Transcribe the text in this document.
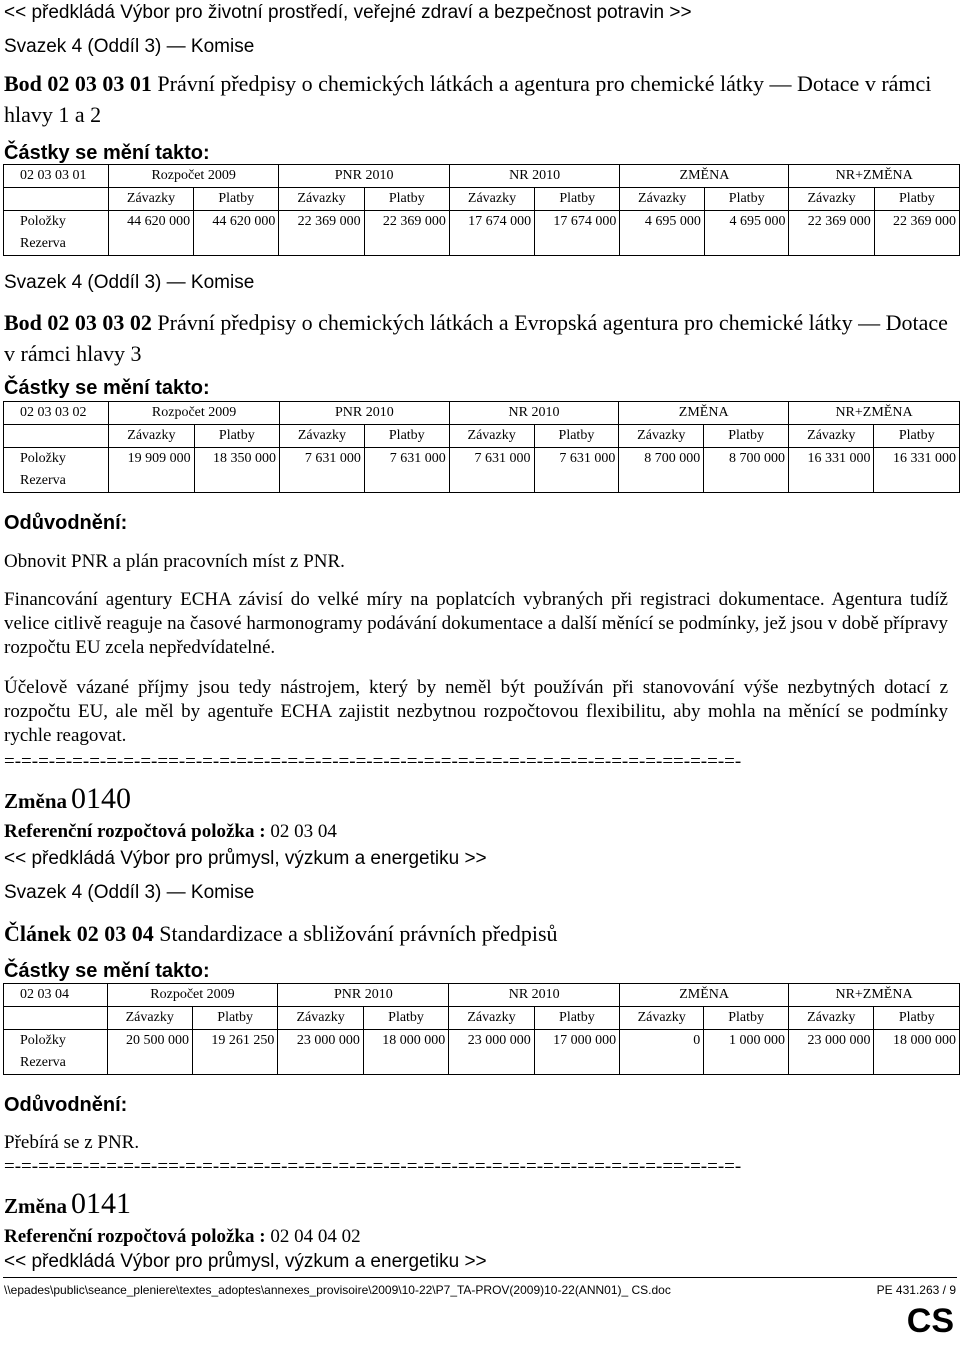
<< předkládá Výbor pro životní prostředí, veřejné zdraví a bezpečnost potravin >>
Svazek 4 (Oddíl 3) ― Komise
Bod 02 03 03 01 Právní předpisy o chemických látkách a agentura pro chemické látky ― Dotace v rámci hlavy 1 a 2
Částky se mění takto:
02 03 03 01	Rozpočet 2009		PNR 2010		NR 2010		ZMĚNA		NR+ZMĚNA	
	Závazky	Platby	Závazky	Platby	Závazky	Platby	Závazky	Platby	Závazky	Platby
Položky	44 620 000	44 620 000	22 369 000	22 369 000	17 674 000	17 674 000	4 695 000	4 695 000	22 369 000	22 369 000
Rezerva										
Svazek 4 (Oddíl 3) ― Komise
Bod 02 03 03 02 Právní předpisy o chemických látkách a Evropská agentura pro chemické látky ― Dotace v rámci hlavy 3
Částky se mění takto:
02 03 03 02	Rozpočet 2009		PNR 2010		NR 2010		ZMĚNA		NR+ZMĚNA	
	Závazky	Platby	Závazky	Platby	Závazky	Platby	Závazky	Platby	Závazky	Platby
Položky	19 909 000	18 350 000	7 631 000	7 631 000	7 631 000	7 631 000	8 700 000	8 700 000	16 331 000	16 331 000
Rezerva										
Odůvodnění:
Obnovit PNR a plán pracovních míst z PNR.
Financování agentury ECHA závisí do velké míry na poplatcích vybraných při registraci dokumentace. Agentura tudíž velice citlivě reaguje na časové harmonogramy podávání dokumentace a další měnící se podmínky, jež jsou v době přípravy rozpočtu EU zcela nepředvídatelné.
Účelově vázané příjmy jsou tedy nástrojem, který by neměl být používán při stanovování výše nezbytných dotací z rozpočtu EU, ale měl by agentuře ECHA zajistit nezbytnou rozpočtovou flexibilitu, aby mohla na měnící se podmínky rychle reagovat.
=-=-=-=-=-=-=-=-=-==-=-=-=-=-=-=-=-=-=-=-=-=-=-=-=-=-=-=-=-=-=-=-=-=-=-=-=-=-==-=-=-=-
Změna 0140
Referenční rozpočtová položka : 02 03 04
<< předkládá Výbor pro průmysl, výzkum a energetiku >>
Svazek 4 (Oddíl 3) ― Komise
Článek 02 03 04 Standardizace a sbližování právních předpisů
Částky se mění takto:
02 03 04	Rozpočet 2009		PNR 2010		NR 2010		ZMĚNA		NR+ZMĚNA	
	Závazky	Platby	Závazky	Platby	Závazky	Platby	Závazky	Platby	Závazky	Platby
Položky	20 500 000	19 261 250	23 000 000	18 000 000	23 000 000	17 000 000	0	1 000 000	23 000 000	18 000 000
Rezerva										
Odůvodnění:
Přebírá se z PNR.
=-=-=-=-=-=-=-=-=-==-=-=-=-=-=-=-=-=-=-=-=-=-=-=-=-=-=-=-=-=-=-=-=-=-=-=-=-=-==-=-=-=-
Změna 0141
Referenční rozpočtová položka : 02 04 04 02
<< předkládá Výbor pro průmysl, výzkum a energetiku >>
\\epades\public\seance_pleniere\textes_adoptes\annexes_provisoire\2009\10-22\P7_TA-PROV(2009)10-22(ANN01)_ CS.doc	PE 431.263 / 9
CS
